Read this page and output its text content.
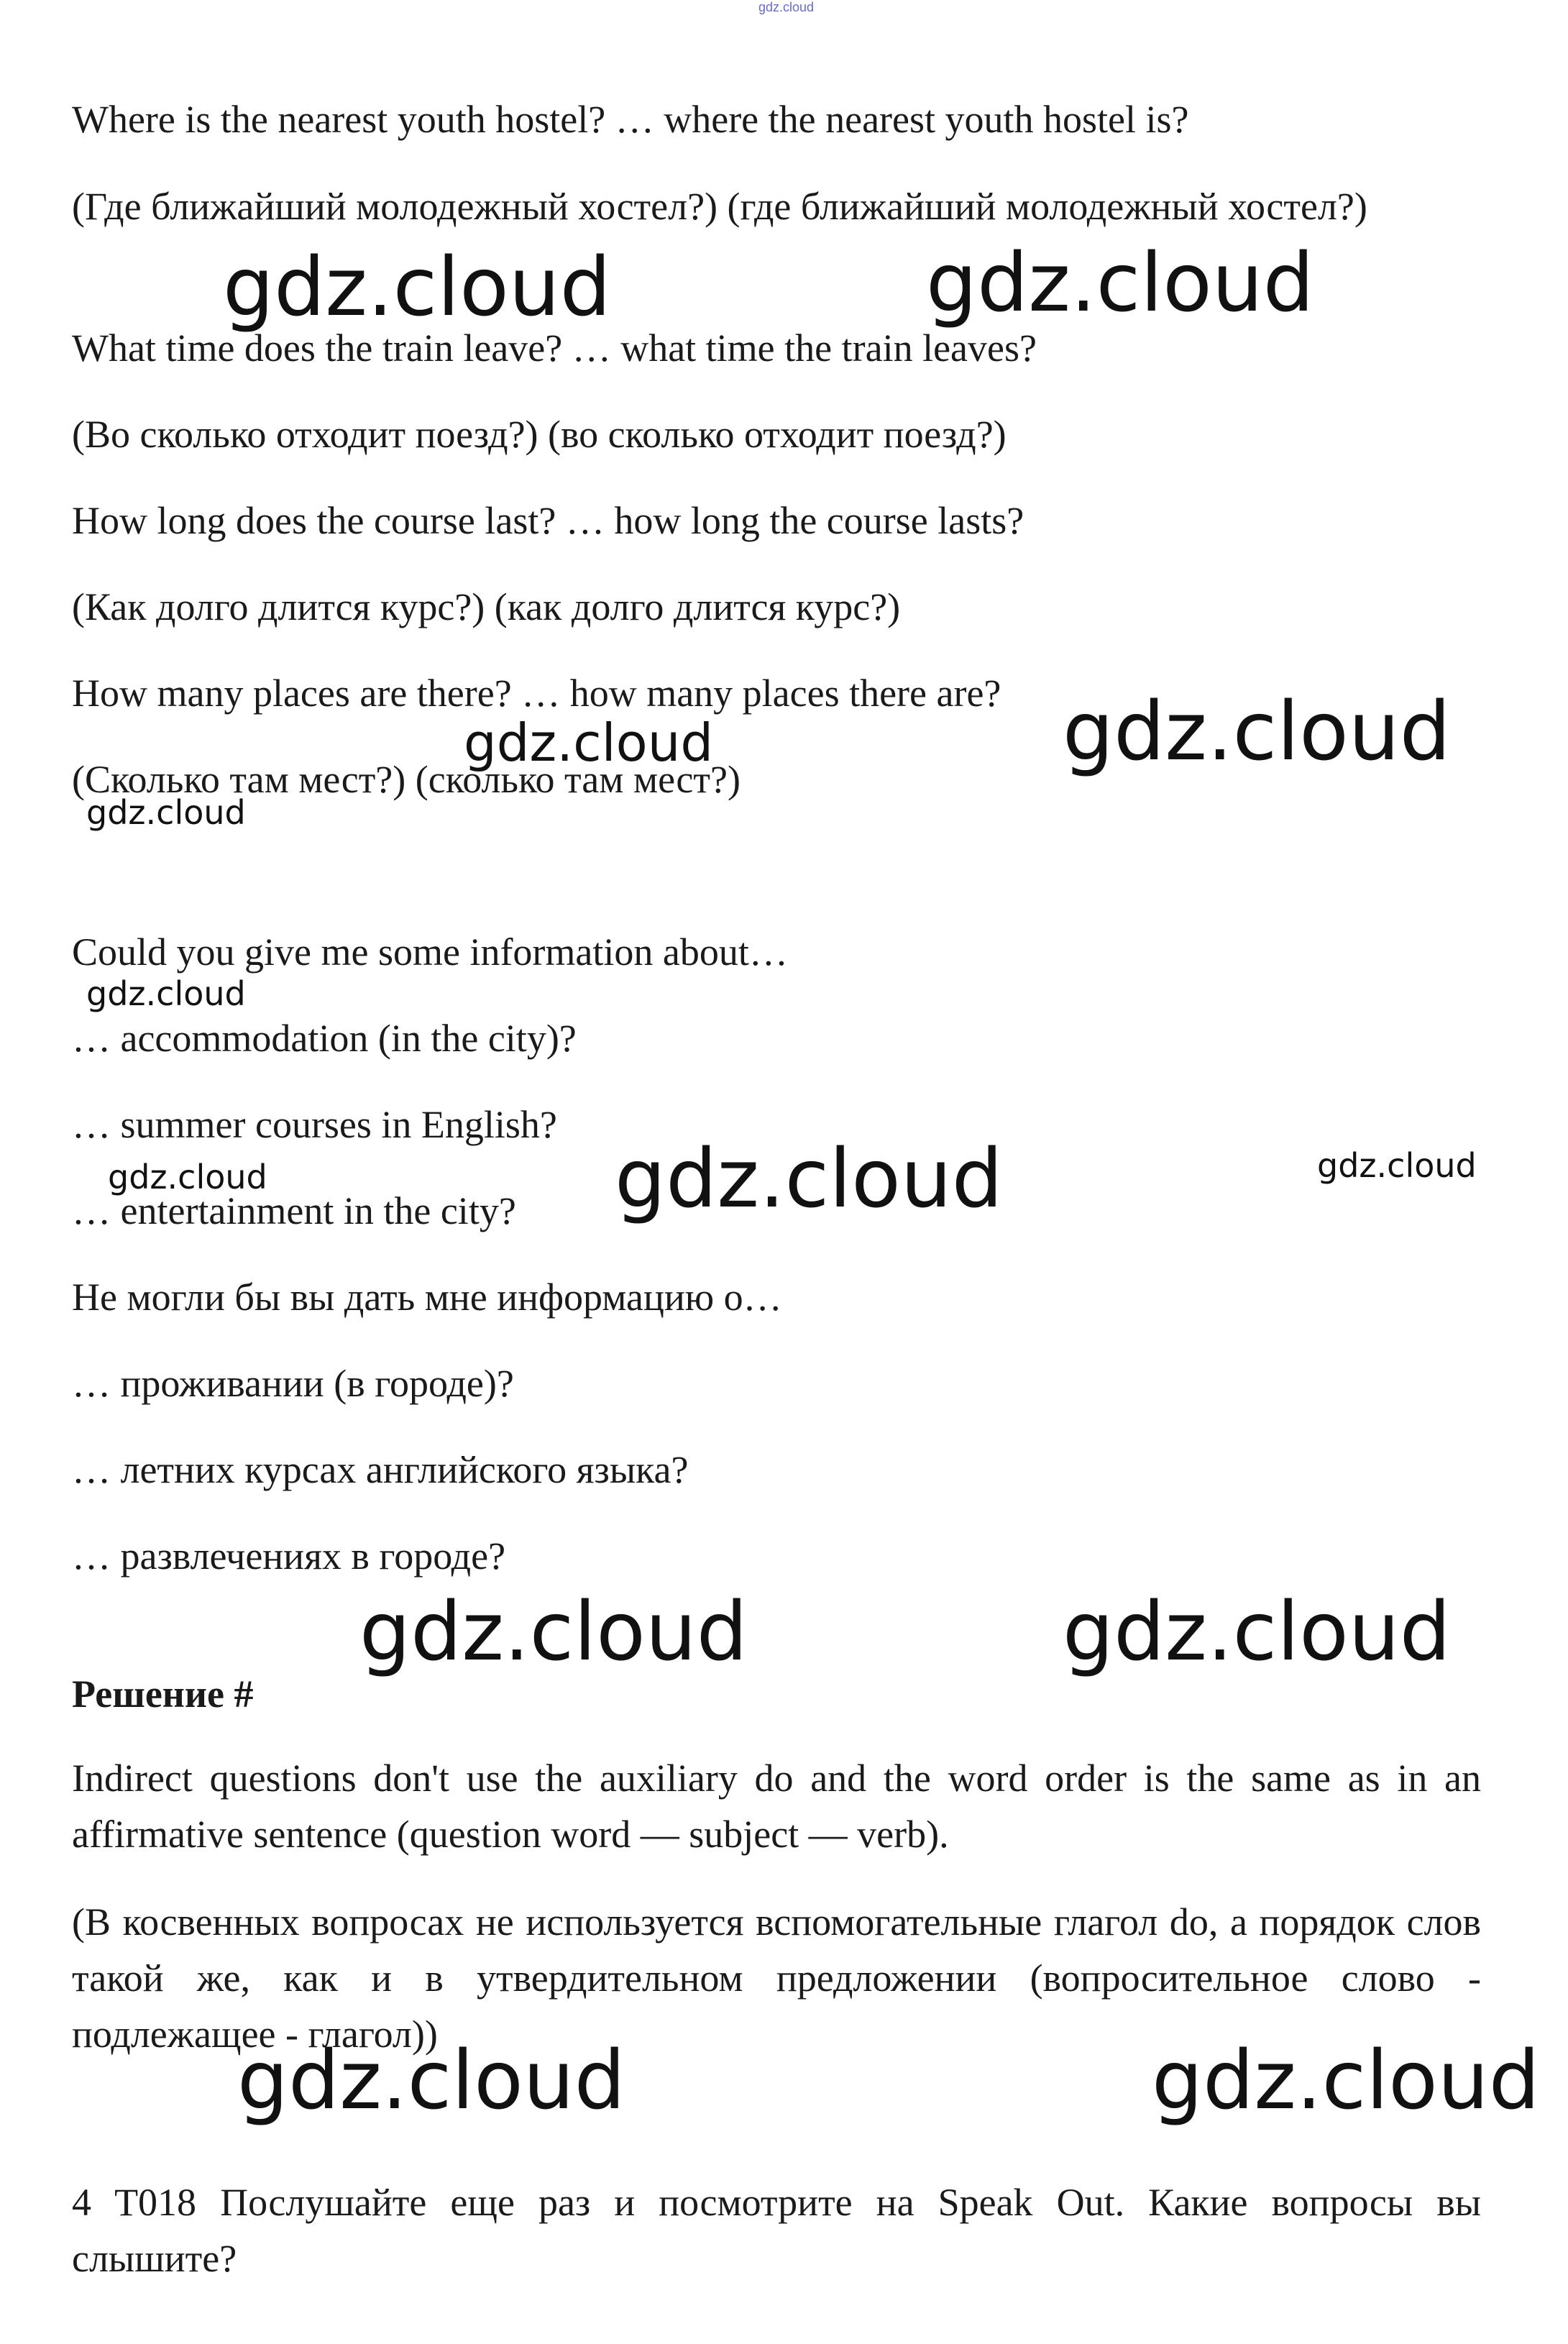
gdz.cloud
Where is the nearest youth hostel? … where the nearest youth hostel is?
(Где ближайший молодежный хостел?) (где ближайший молодежный хостел?)
What time does the train leave? … what time the train leaves?
(Во сколько отходит поезд?) (во сколько отходит поезд?)
How long does the course last? … how long the course lasts?
(Как долго длится курс?) (как долго длится курс?)
How many places are there? … how many places there are?
(Сколько там мест?) (сколько там мест?)
Could you give me some information about…
… accommodation (in the city)?
… summer courses in English?
… entertainment in the city?
Не могли бы вы дать мне информацию о…
… проживании (в городе)?
… летних курсах английского языка?
… развлечениях в городе?
Решение #
Indirect questions don't use the auxiliary do and the word order is the same as in an affirmative sentence (question word — subject — verb).
(В косвенных вопросах не используется вспомогательные глагол do, а порядок слов такой же, как и в утвердительном предложении (вопросительное слово - подлежащее - глагол))
4 T018 Послушайте еще раз и посмотрите на Speak Out. Какие вопросы вы слышите?
gdz.cloud	gdz.cloud
gdz.cloud	gdz.cloud
gdz.cloud
gdz.cloud
gdz.cloud	gdz.cloud	gdz.cloud
gdz.cloud	gdz.cloud
gdz.cloud	gdz.cloud
